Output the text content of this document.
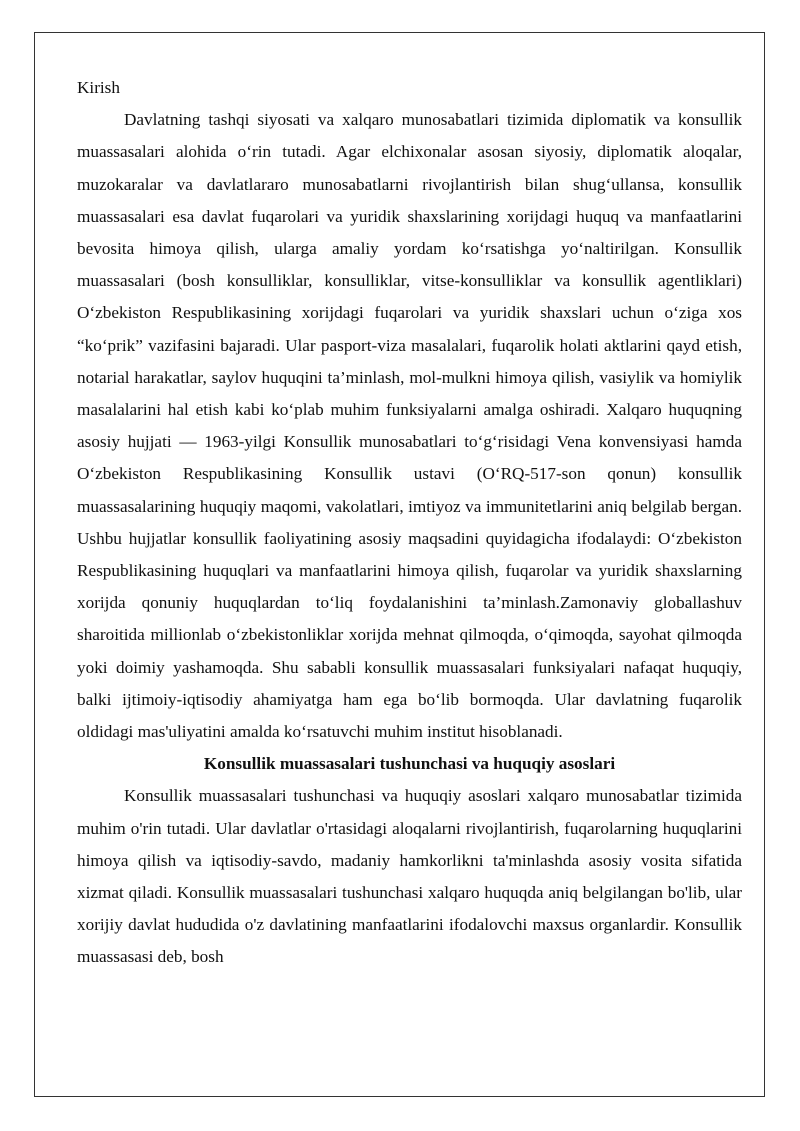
Kirish

Davlatning tashqi siyosati va xalqaro munosabatlari tizimida diplomatik va konsullik muassasalari alohida o‘rin tutadi. Agar elchixonalar asosan siyosiy, diplomatik aloqalar, muzokaralar va davlatlararo munosabatlarni rivojlantirish bilan shug‘ullansa, konsullik muassasalari esa davlat fuqarolari va yuridik shaxslarining xorijdagi huquq va manfaatlarini bevosita himoya qilish, ularga amaliy yordam ko‘rsatishga yo‘naltirilgan. Konsullik muassasalari (bosh konsulliklar, konsulliklar, vitse-konsulliklar va konsullik agentliklari) O‘zbekiston Respublikasining xorijdagi fuqarolari va yuridik shaxslari uchun o‘ziga xos “ko‘prik” vazifasini bajaradi. Ular pasport-viza masalalari, fuqarolik holati aktlarini qayd etish, notarial harakatlar, saylov huquqini ta’minlash, mol-mulkni himoya qilish, vasiylik va homiylik masalalarini hal etish kabi ko‘plab muhim funksiyalarni amalga oshiradi. Xalqaro huquqning asosiy hujjati — 1963-yilgi Konsullik munosabatlari to‘g‘risidagi Vena konvensiyasi hamda O‘zbekiston Respublikasining Konsullik ustavi (O‘RQ-517-son qonun) konsullik muassasalarining huquqiy maqomi, vakolatlari, imtiyoz va immunitetlarini aniq belgilab bergan. Ushbu hujjatlar konsullik faoliyatining asosiy maqsadini quyidagicha ifodalaydi: O‘zbekiston Respublikasining huquqlari va manfaatlarini himoya qilish, fuqarolar va yuridik shaxslarning xorijda qonuniy huquqlardan to‘liq foydalanishini ta’minlash.Zamonaviy globallashuv sharoitida millionlab o‘zbekistonliklar xorijda mehnat qilmoqda, o‘qimoqda, sayohat qilmoqda yoki doimiy yashamoqda. Shu sababli konsullik muassasalari funksiyalari nafaqat huquqiy, balki ijtimoiy-iqtisodiy ahamiyatga ham ega bo‘lib bormoqda. Ular davlatning fuqarolik oldidagi mas'uliyatini amalda ko‘rsatuvchi muhim institut hisoblanadi.

Konsullik muassasalari tushunchasi va huquqiy asoslari

Konsullik muassasalari tushunchasi va huquqiy asoslari xalqaro munosabatlar tizimida muhim o'rin tutadi. Ular davlatlar o'rtasidagi aloqalarni rivojlantirish, fuqarolarning huquqlarini himoya qilish va iqtisodiy-savdo, madaniy hamkorlikni ta'minlashda asosiy vosita sifatida xizmat qiladi. Konsullik muassasalari tushunchasi xalqaro huquqda aniq belgilangan bo'lib, ular xorijiy davlat hududida o'z davlatining manfaatlarini ifodalovchi maxsus organlardir. Konsullik muassasasi deb, bosh
